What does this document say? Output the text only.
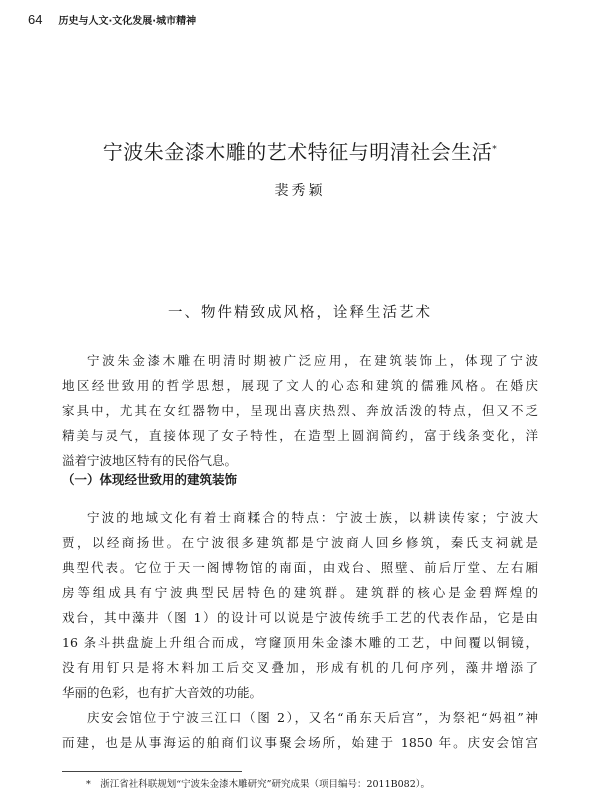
64 历史与人文·文化发展·城市精神
宁波朱金漆木雕的艺术特征与明清社会生活*
裴秀颖
一、物件精致成风格，诠释生活艺术

宁波朱金漆木雕在明清时期被广泛应用，在建筑装饰上，体现了宁波
地区经世致用的哲学思想，展现了文人的心态和建筑的儒雅风格。在婚庆
家具中，尤其在女红器物中，呈现出喜庆热烈、奔放活泼的特点，但又不乏
精美与灵气，直接体现了女子特性，在造型上圆润简约，富于线条变化，洋
溢着宁波地区特有的民俗气息。

（一）体现经世致用的建筑装饰

宁波的地域文化有着士商糅合的特点：宁波士族，以耕读传家；宁波大
贾，以经商扬世。在宁波很多建筑都是宁波商人回乡修筑，秦氏支祠就是
典型代表。它位于天一阁博物馆的南面，由戏台、照壁、前后厅堂、左右厢
房等组成具有宁波典型民居特色的建筑群。建筑群的核心是金碧辉煌的
戏台，其中藻井（图 1）的设计可以说是宁波传统手工艺的代表作品，它是由
16 条斗拱盘旋上升组合而成，穹窿顶用朱金漆木雕的工艺，中间覆以铜镜，
没有用钉只是将木料加工后交叉叠加，形成有机的几何序列，藻井增添了
华丽的色彩，也有扩大音效的功能。

庆安会馆位于宁波三江口（图 2），又名“甬东天后宫”，为祭祀“妈祖”神
而建，也是从事海运的舶商们议事聚会场所，始建于 1850 年。庆安会馆宫

*　浙江省社科联规划“宁波朱金漆木雕研究”研究成果（项目编号：2011B082）。
